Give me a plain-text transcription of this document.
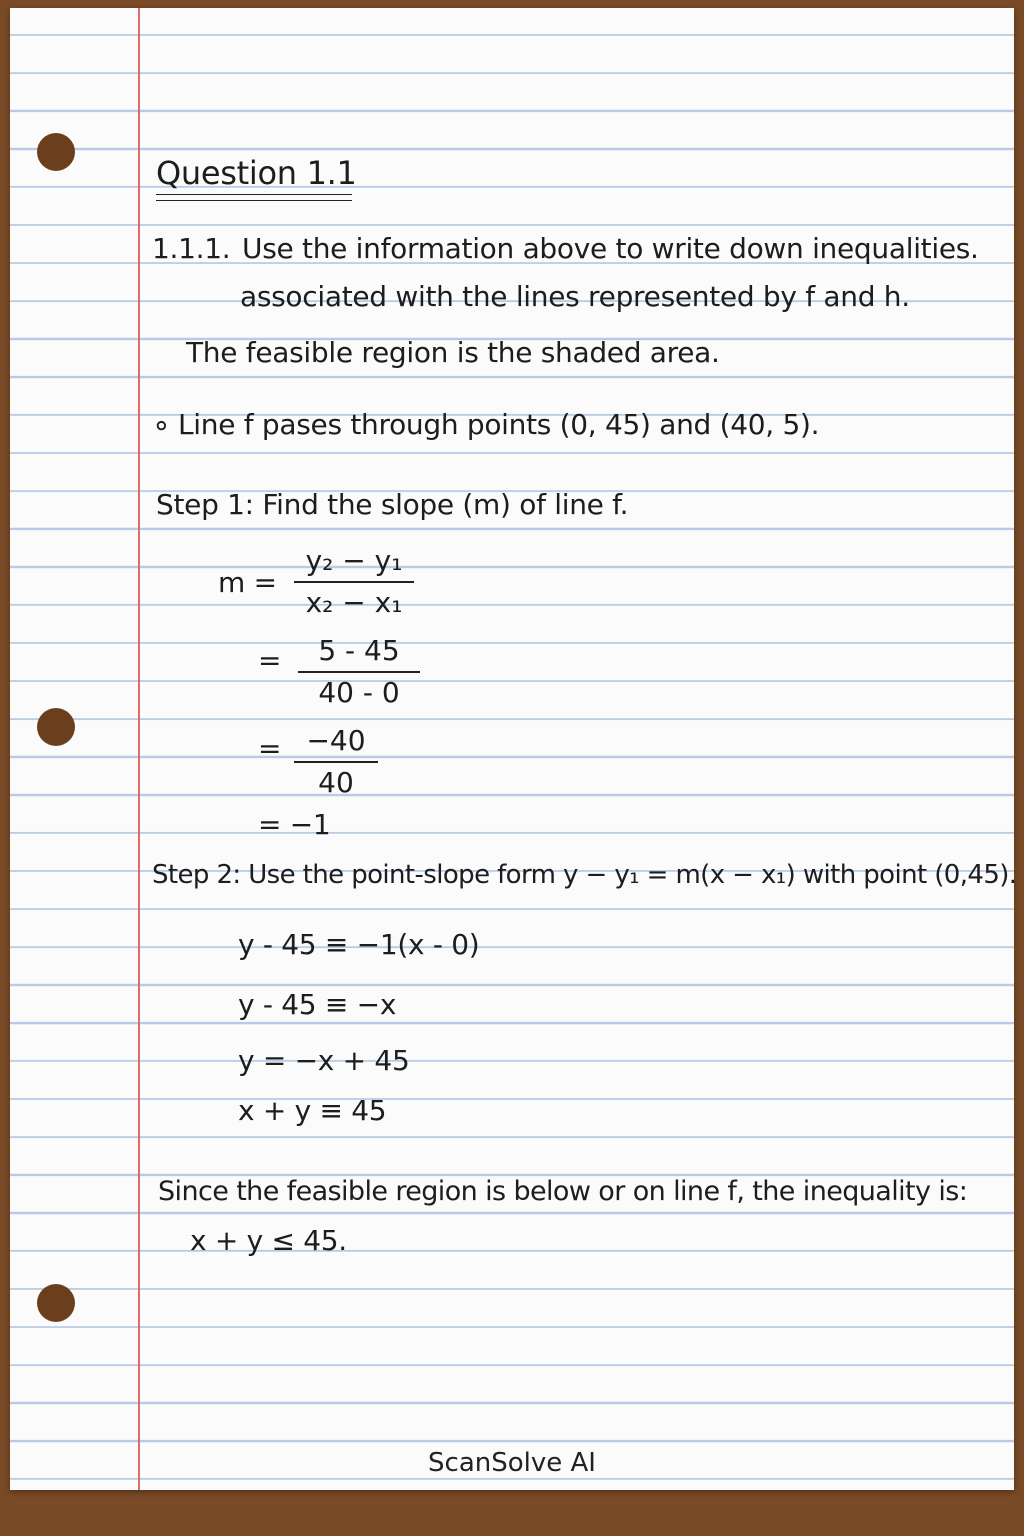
Question 1.1
1.1.1. Use the information above to write down inequalities.
associated with the lines represented by f and h.
The feasible region is the shaded area.
∘ Line f pases through points (0, 45) and (40, 5).
Step 1: Find the slope (m) of line f.
m =
y₂ − y₁
x₂ − x₁
=	5 - 45
40 - 0
= −40
40
= −1
Step 2: Use the point-slope form y − y₁ = m(x − x₁) with point (0,45).
y - 45 ≡ −1(x - 0)
y - 45 ≡ −x
y = −x + 45
x + y ≡ 45
Since the feasible region is below or on line f, the inequality is:
x + y ≤ 45.
ScanSolve AI
